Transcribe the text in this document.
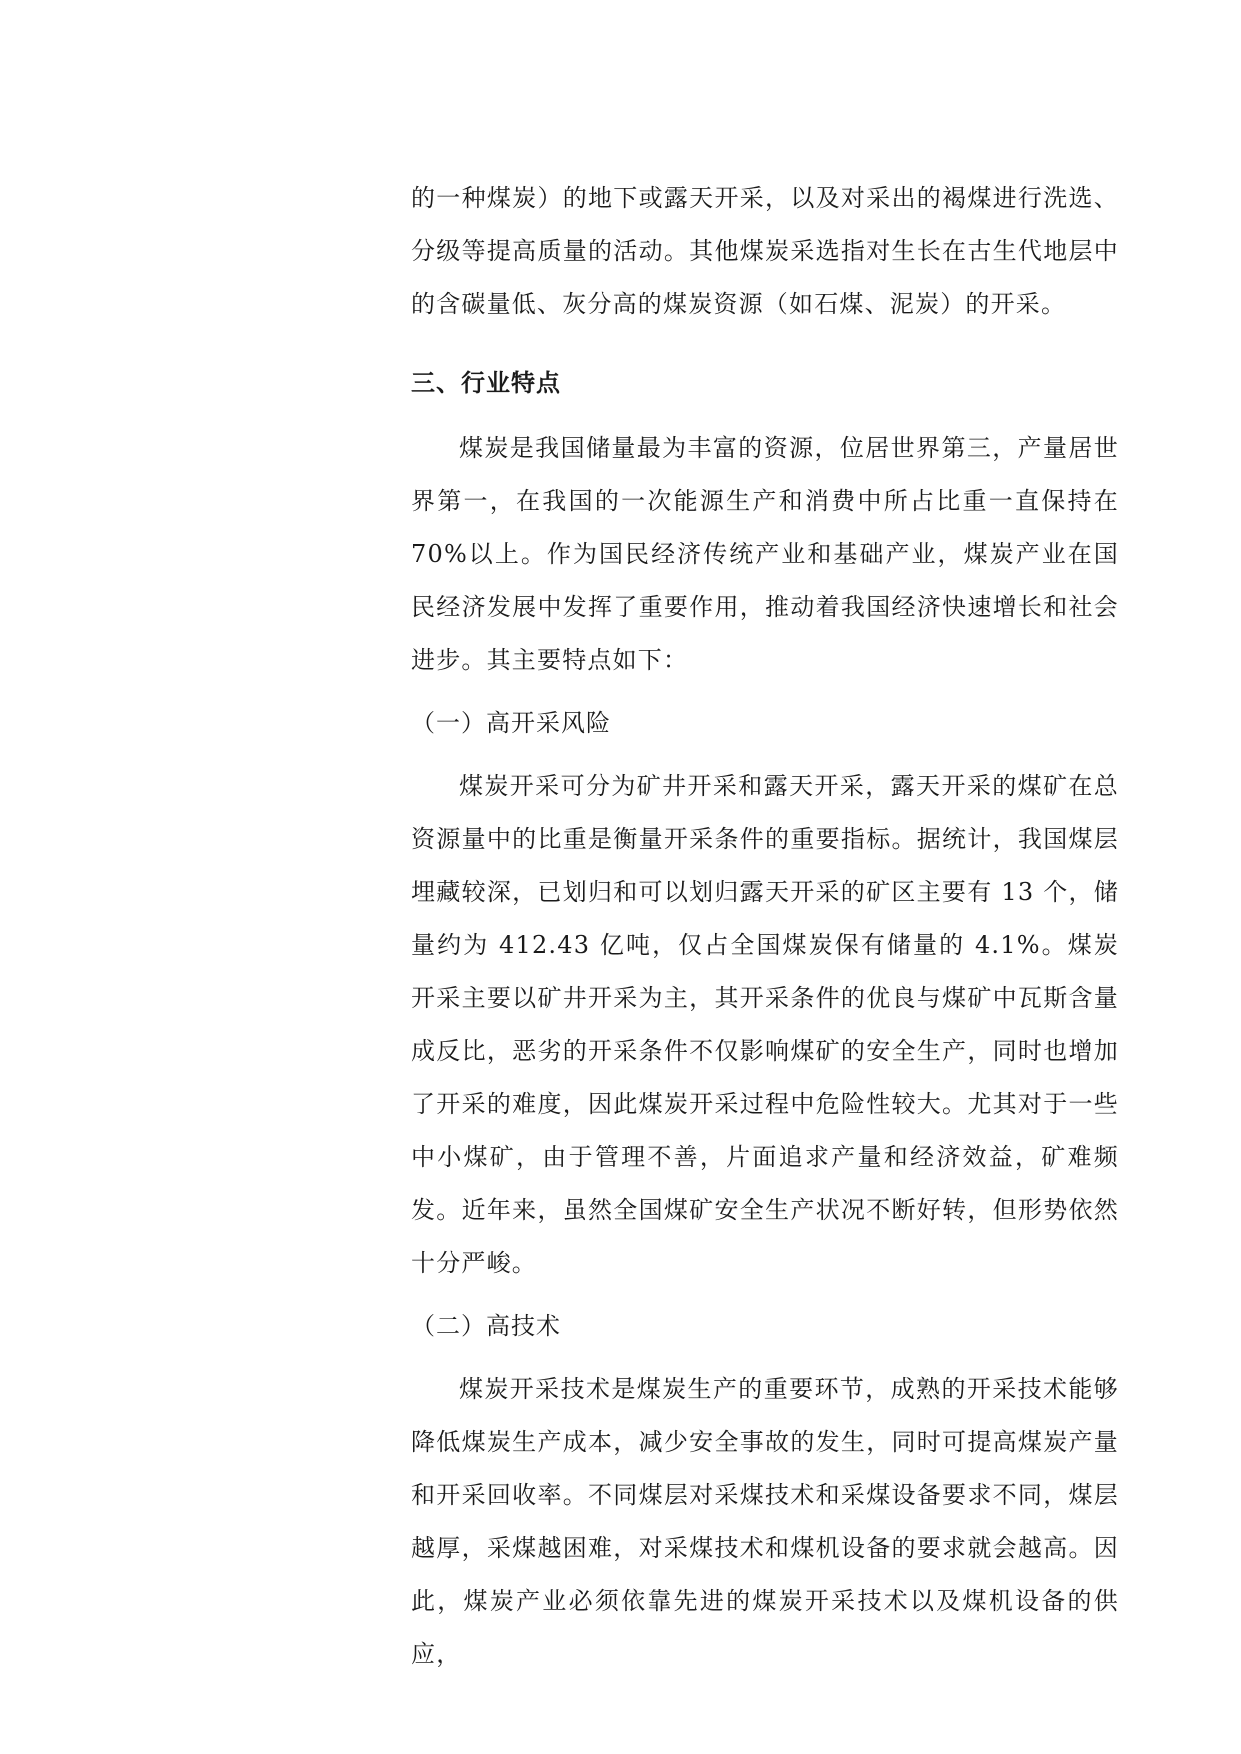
的一种煤炭）的地下或露天开采，以及对采出的褐煤进行洗选、分级等提高质量的活动。其他煤炭采选指对生长在古生代地层中的含碳量低、灰分高的煤炭资源（如石煤、泥炭）的开采。

三、行业特点

煤炭是我国储量最为丰富的资源，位居世界第三，产量居世界第一，在我国的一次能源生产和消费中所占比重一直保持在70%以上。作为国民经济传统产业和基础产业，煤炭产业在国民经济发展中发挥了重要作用，推动着我国经济快速增长和社会进步。其主要特点如下：

（一）高开采风险

煤炭开采可分为矿井开采和露天开采，露天开采的煤矿在总资源量中的比重是衡量开采条件的重要指标。据统计，我国煤层埋藏较深，已划归和可以划归露天开采的矿区主要有 13 个，储量约为 412.43 亿吨，仅占全国煤炭保有储量的 4.1%。煤炭开采主要以矿井开采为主，其开采条件的优良与煤矿中瓦斯含量成反比，恶劣的开采条件不仅影响煤矿的安全生产，同时也增加了开采的难度，因此煤炭开采过程中危险性较大。尤其对于一些中小煤矿，由于管理不善，片面追求产量和经济效益，矿难频发。近年来，虽然全国煤矿安全生产状况不断好转，但形势依然十分严峻。

（二）高技术

煤炭开采技术是煤炭生产的重要环节，成熟的开采技术能够降低煤炭生产成本，减少安全事故的发生，同时可提高煤炭产量和开采回收率。不同煤层对采煤技术和采煤设备要求不同，煤层越厚，采煤越困难，对采煤技术和煤机设备的要求就会越高。因此，煤炭产业必须依靠先进的煤炭开采技术以及煤机设备的供应，
